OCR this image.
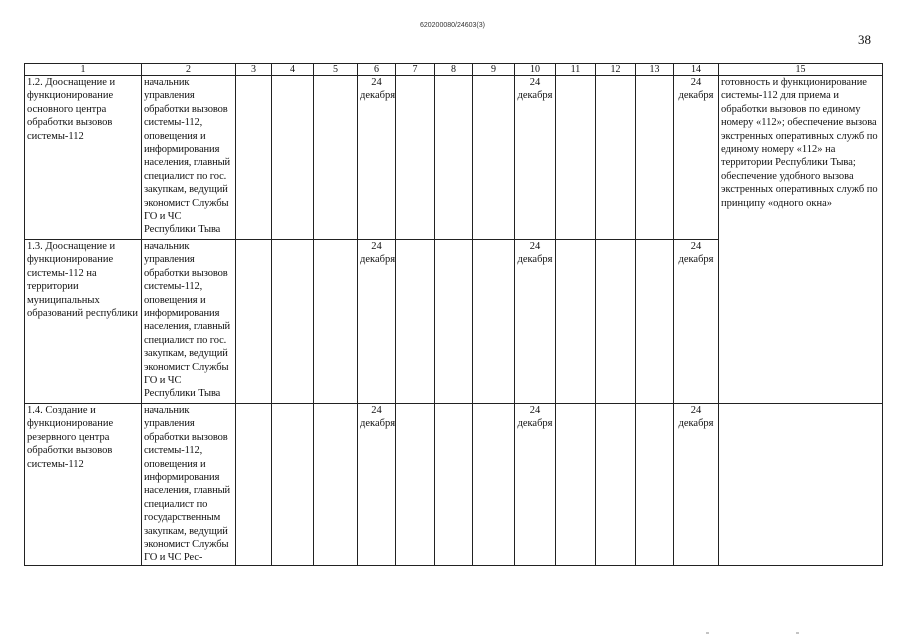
620200080/24603(3)
38
1	2	3	4	5	6	7	8	9	10	11	12	13	14	15
1.2. Дооснащение и функционирование основного центра обработки вызовов системы-112	начальник управления обработки вызовов системы-112, оповещения и информирования населения, главный специалист по гос. закупкам, ведущий экономист Службы ГО и ЧС Республики Тыва				24 декабря				24 декабря				24 декабря	готовность и функционирование системы-112 для приема и обработки вызовов по единому номеру «112»; обеспечение вызова экстренных оперативных служб по единому номеру «112» на территории Республики Тыва; обеспечение удобного вызова экстренных оперативных служб по принципу «одного окна»
1.3. Дооснащение и функционирование системы-112 на территории муниципальных образований республики	начальник управления обработки вызовов системы-112, оповещения и информирования населения, главный специалист по гос. закупкам, ведущий экономист Службы ГО и ЧС Республики Тыва				24 декабря				24 декабря				24 декабря	
1.4. Создание и функционирование резервного центра обработки вызовов системы-112	начальник управления обработки вызовов системы-112, оповещения и информирования населения, главный специалист по государственным закупкам, ведущий экономист Службы ГО и ЧС Рес-				24 декабря				24 декабря				24 декабря	
